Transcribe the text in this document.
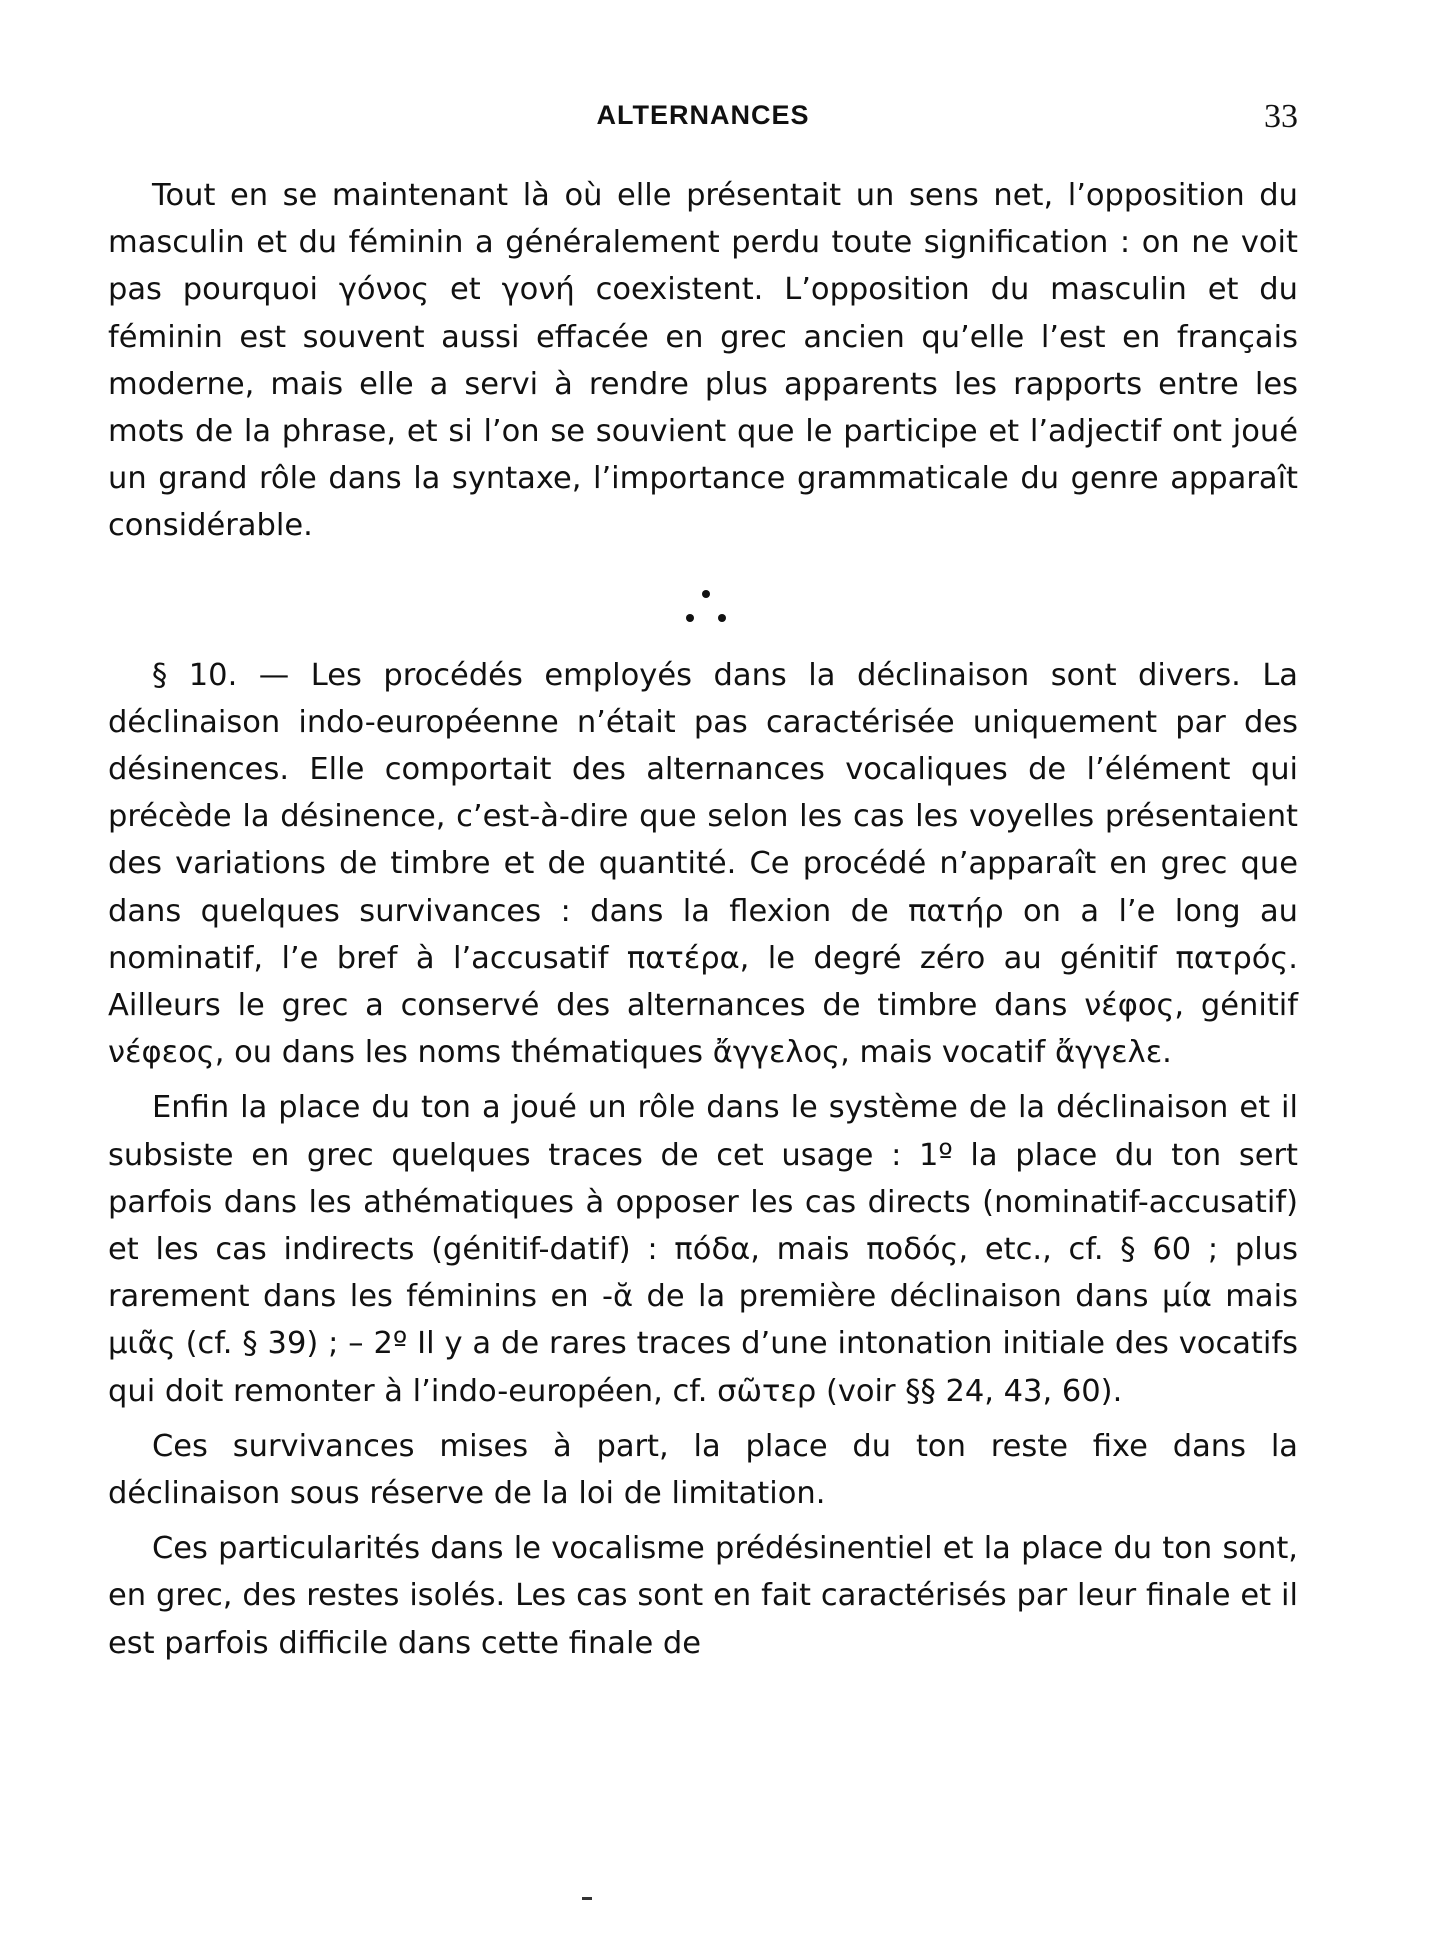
ALTERNANCES	33

Tout en se maintenant là où elle présentait un sens net, l’opposition du masculin et du féminin a généralement perdu toute signification : on ne voit pas pourquoi γόνος et γονή coexistent. L’opposition du masculin et du féminin est souvent aussi effacée en grec ancien qu’elle l’est en français moderne, mais elle a servi à rendre plus apparents les rapports entre les mots de la phrase, et si l’on se souvient que le participe et l’adjectif ont joué un grand rôle dans la syntaxe, l’importance grammaticale du genre apparaît considérable.

§ 10. — Les procédés employés dans la déclinaison sont divers. La déclinaison indo-européenne n’était pas caractérisée uniquement par des désinences. Elle comportait des alternances vocaliques de l’élément qui précède la désinence, c’est-à-dire que selon les cas les voyelles présentaient des variations de timbre et de quantité. Ce procédé n’apparaît en grec que dans quelques survivances : dans la flexion de πατήρ on a l’e long au nominatif, l’e bref à l’accusatif πατέρα, le degré zéro au génitif πατρός. Ailleurs le grec a conservé des alternances de timbre dans νέφος, génitif νέφεος, ou dans les noms thématiques ἄγγελος, mais vocatif ἄγγελε.

Enfin la place du ton a joué un rôle dans le système de la déclinaison et il subsiste en grec quelques traces de cet usage : 1º la place du ton sert parfois dans les athématiques à opposer les cas directs (nominatif-accusatif) et les cas indirects (génitif-datif) : πόδα, mais ποδός, etc., cf. § 60 ; plus rarement dans les féminins en -ᾰ de la première déclinaison dans μία mais μιᾶς (cf. § 39) ; – 2º Il y a de rares traces d’une intonation initiale des vocatifs qui doit remonter à l’indo-européen, cf. σῶτερ (voir §§ 24, 43, 60).

Ces survivances mises à part, la place du ton reste fixe dans la déclinaison sous réserve de la loi de limitation.

Ces particularités dans le vocalisme prédésinentiel et la place du ton sont, en grec, des restes isolés. Les cas sont en fait caractérisés par leur finale et il est parfois difficile dans cette finale de
